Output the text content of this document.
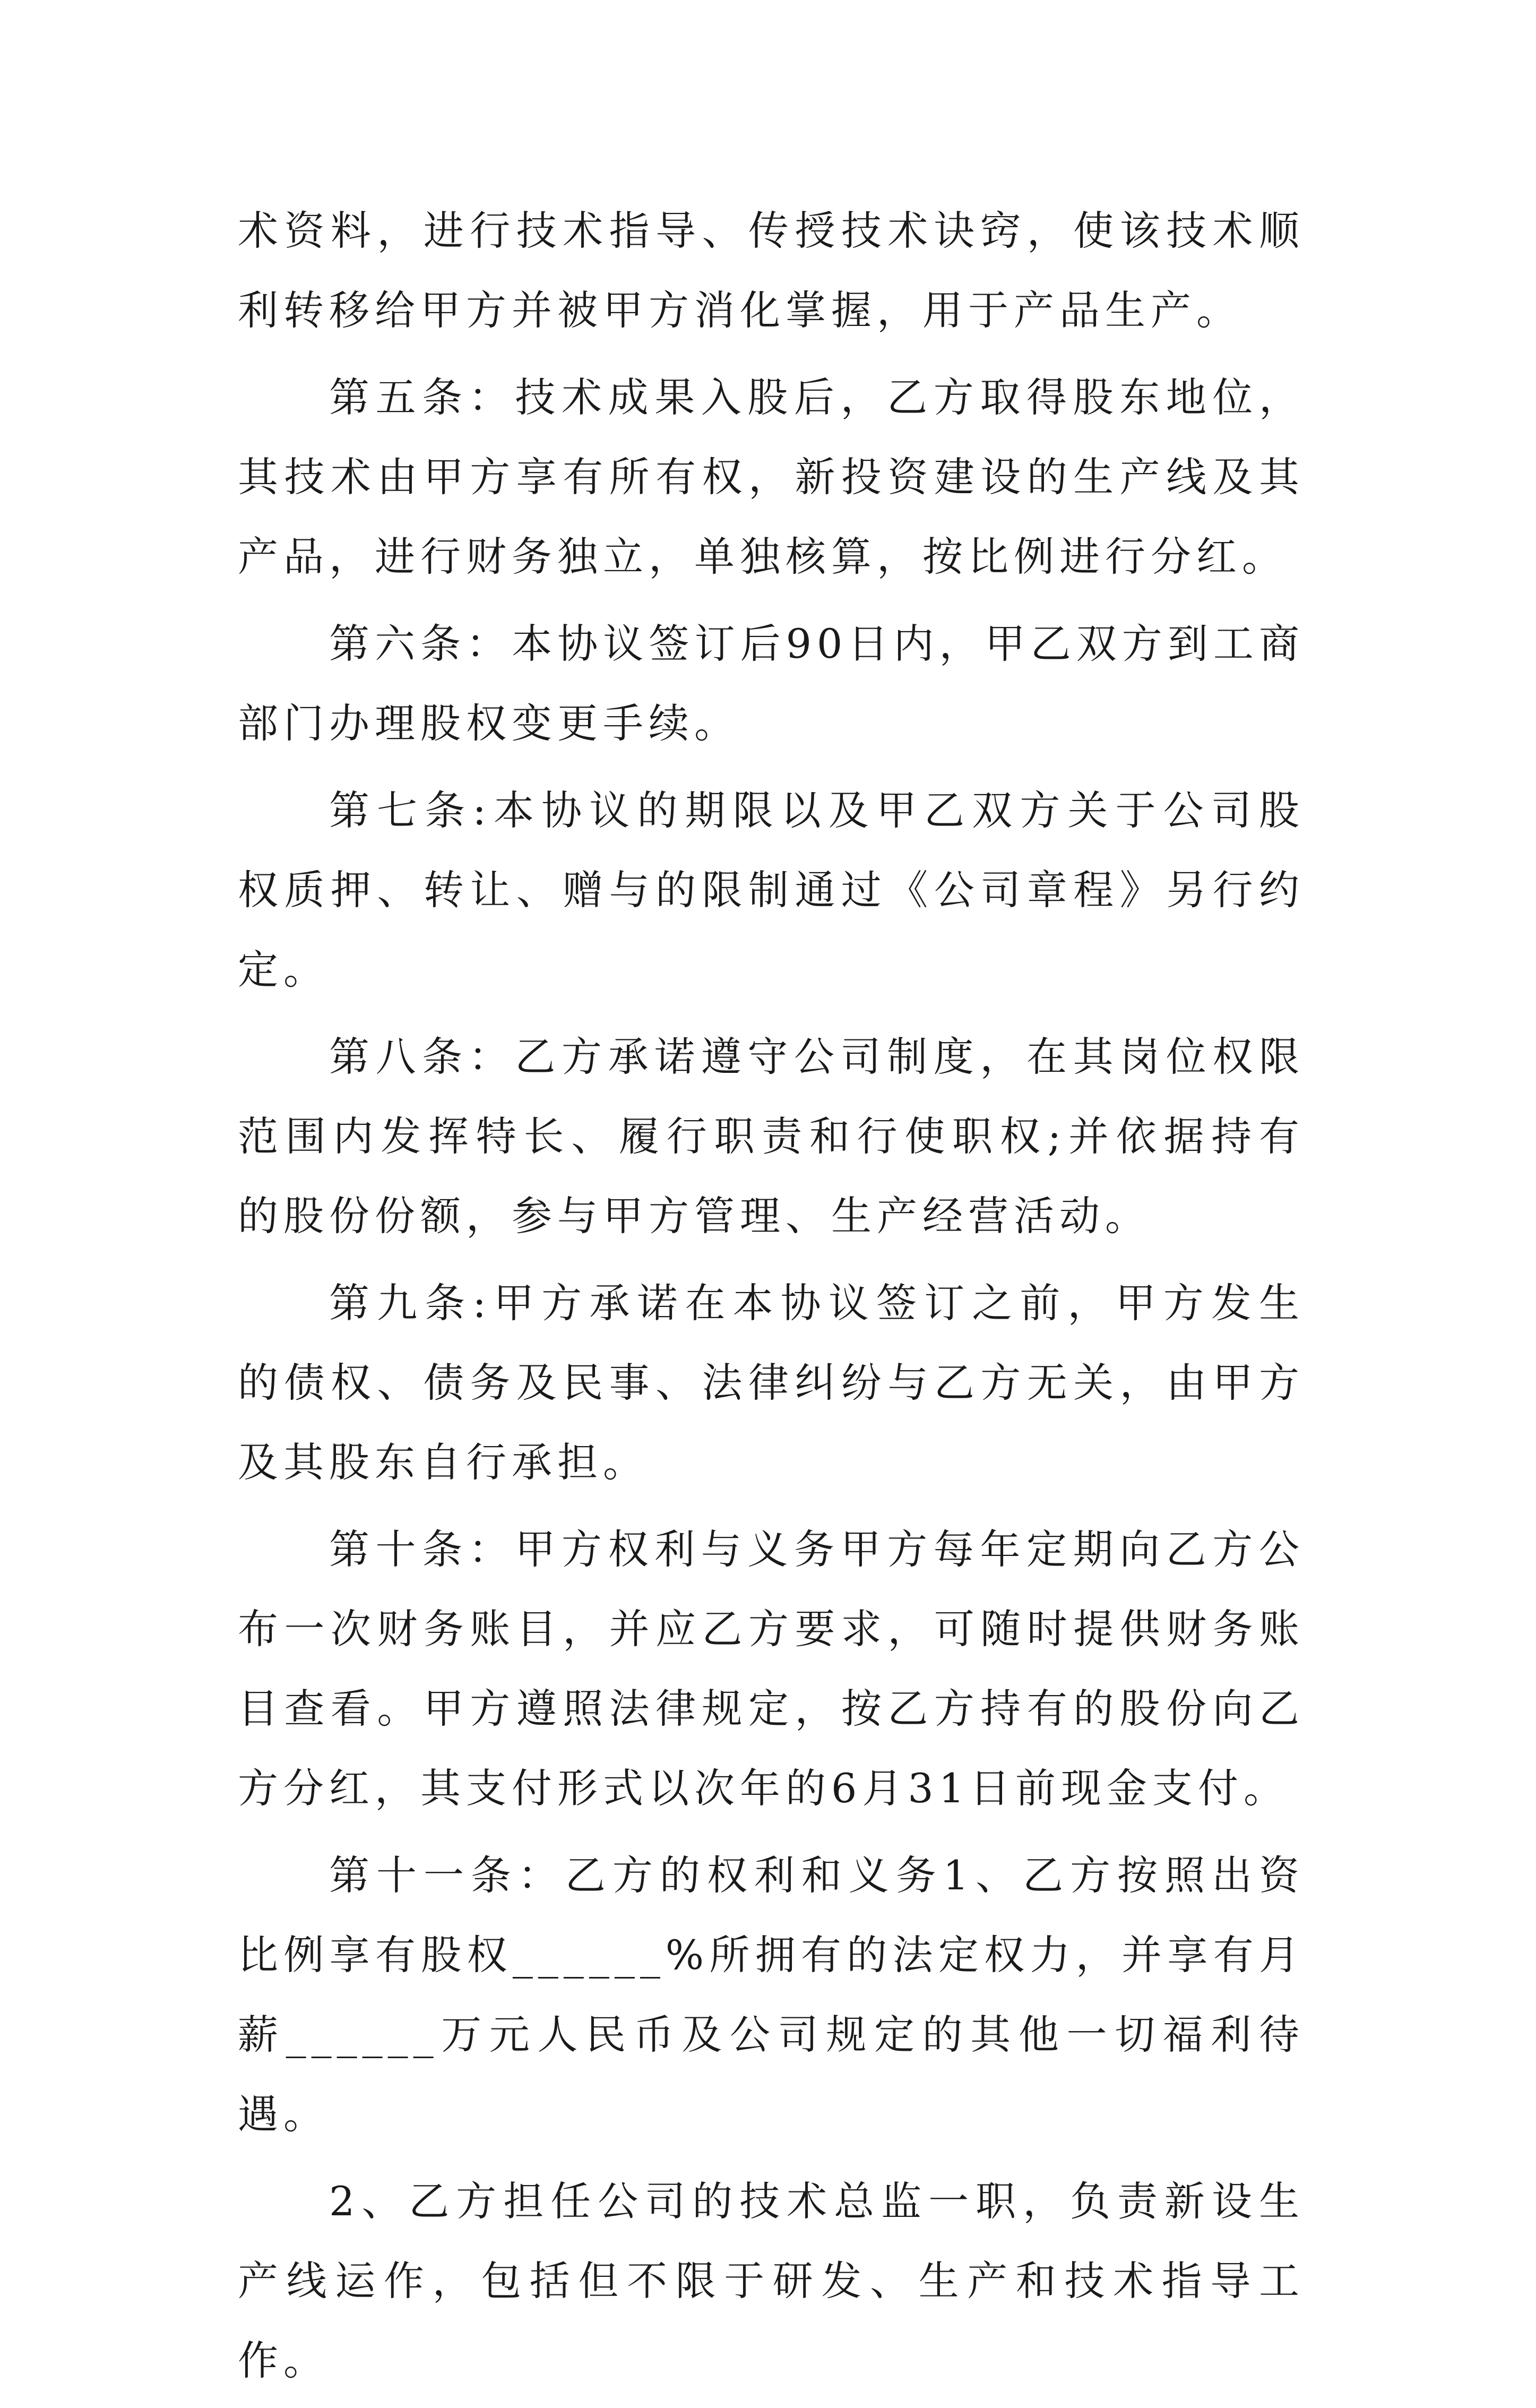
术资料，进行技术指导、传授技术诀窍，使该技术顺利转移给甲方并被甲方消化掌握，用于产品生产。

第五条：技术成果入股后，乙方取得股东地位，其技术由甲方享有所有权，新投资建设的生产线及其产品，进行财务独立，单独核算，按比例进行分红。

第六条：本协议签订后90日内，甲乙双方到工商部门办理股权变更手续。

第七条:本协议的期限以及甲乙双方关于公司股权质押、转让、赠与的限制通过《公司章程》另行约定。

第八条：乙方承诺遵守公司制度，在其岗位权限范围内发挥特长、履行职责和行使职权;并依据持有的股份份额，参与甲方管理、生产经营活动。

第九条:甲方承诺在本协议签订之前，甲方发生的债权、债务及民事、法律纠纷与乙方无关，由甲方及其股东自行承担。

第十条：甲方权利与义务甲方每年定期向乙方公布一次财务账目，并应乙方要求，可随时提供财务账目查看。甲方遵照法律规定，按乙方持有的股份向乙方分红，其支付形式以次年的6月31日前现金支付。

第十一条：乙方的权利和义务1、乙方按照出资比例享有股权______%所拥有的法定权力，并享有月薪______万元人民币及公司规定的其他一切福利待遇。

2、乙方担任公司的技术总监一职，负责新设生产线运作，包括但不限于研发、生产和技术指导工作。
